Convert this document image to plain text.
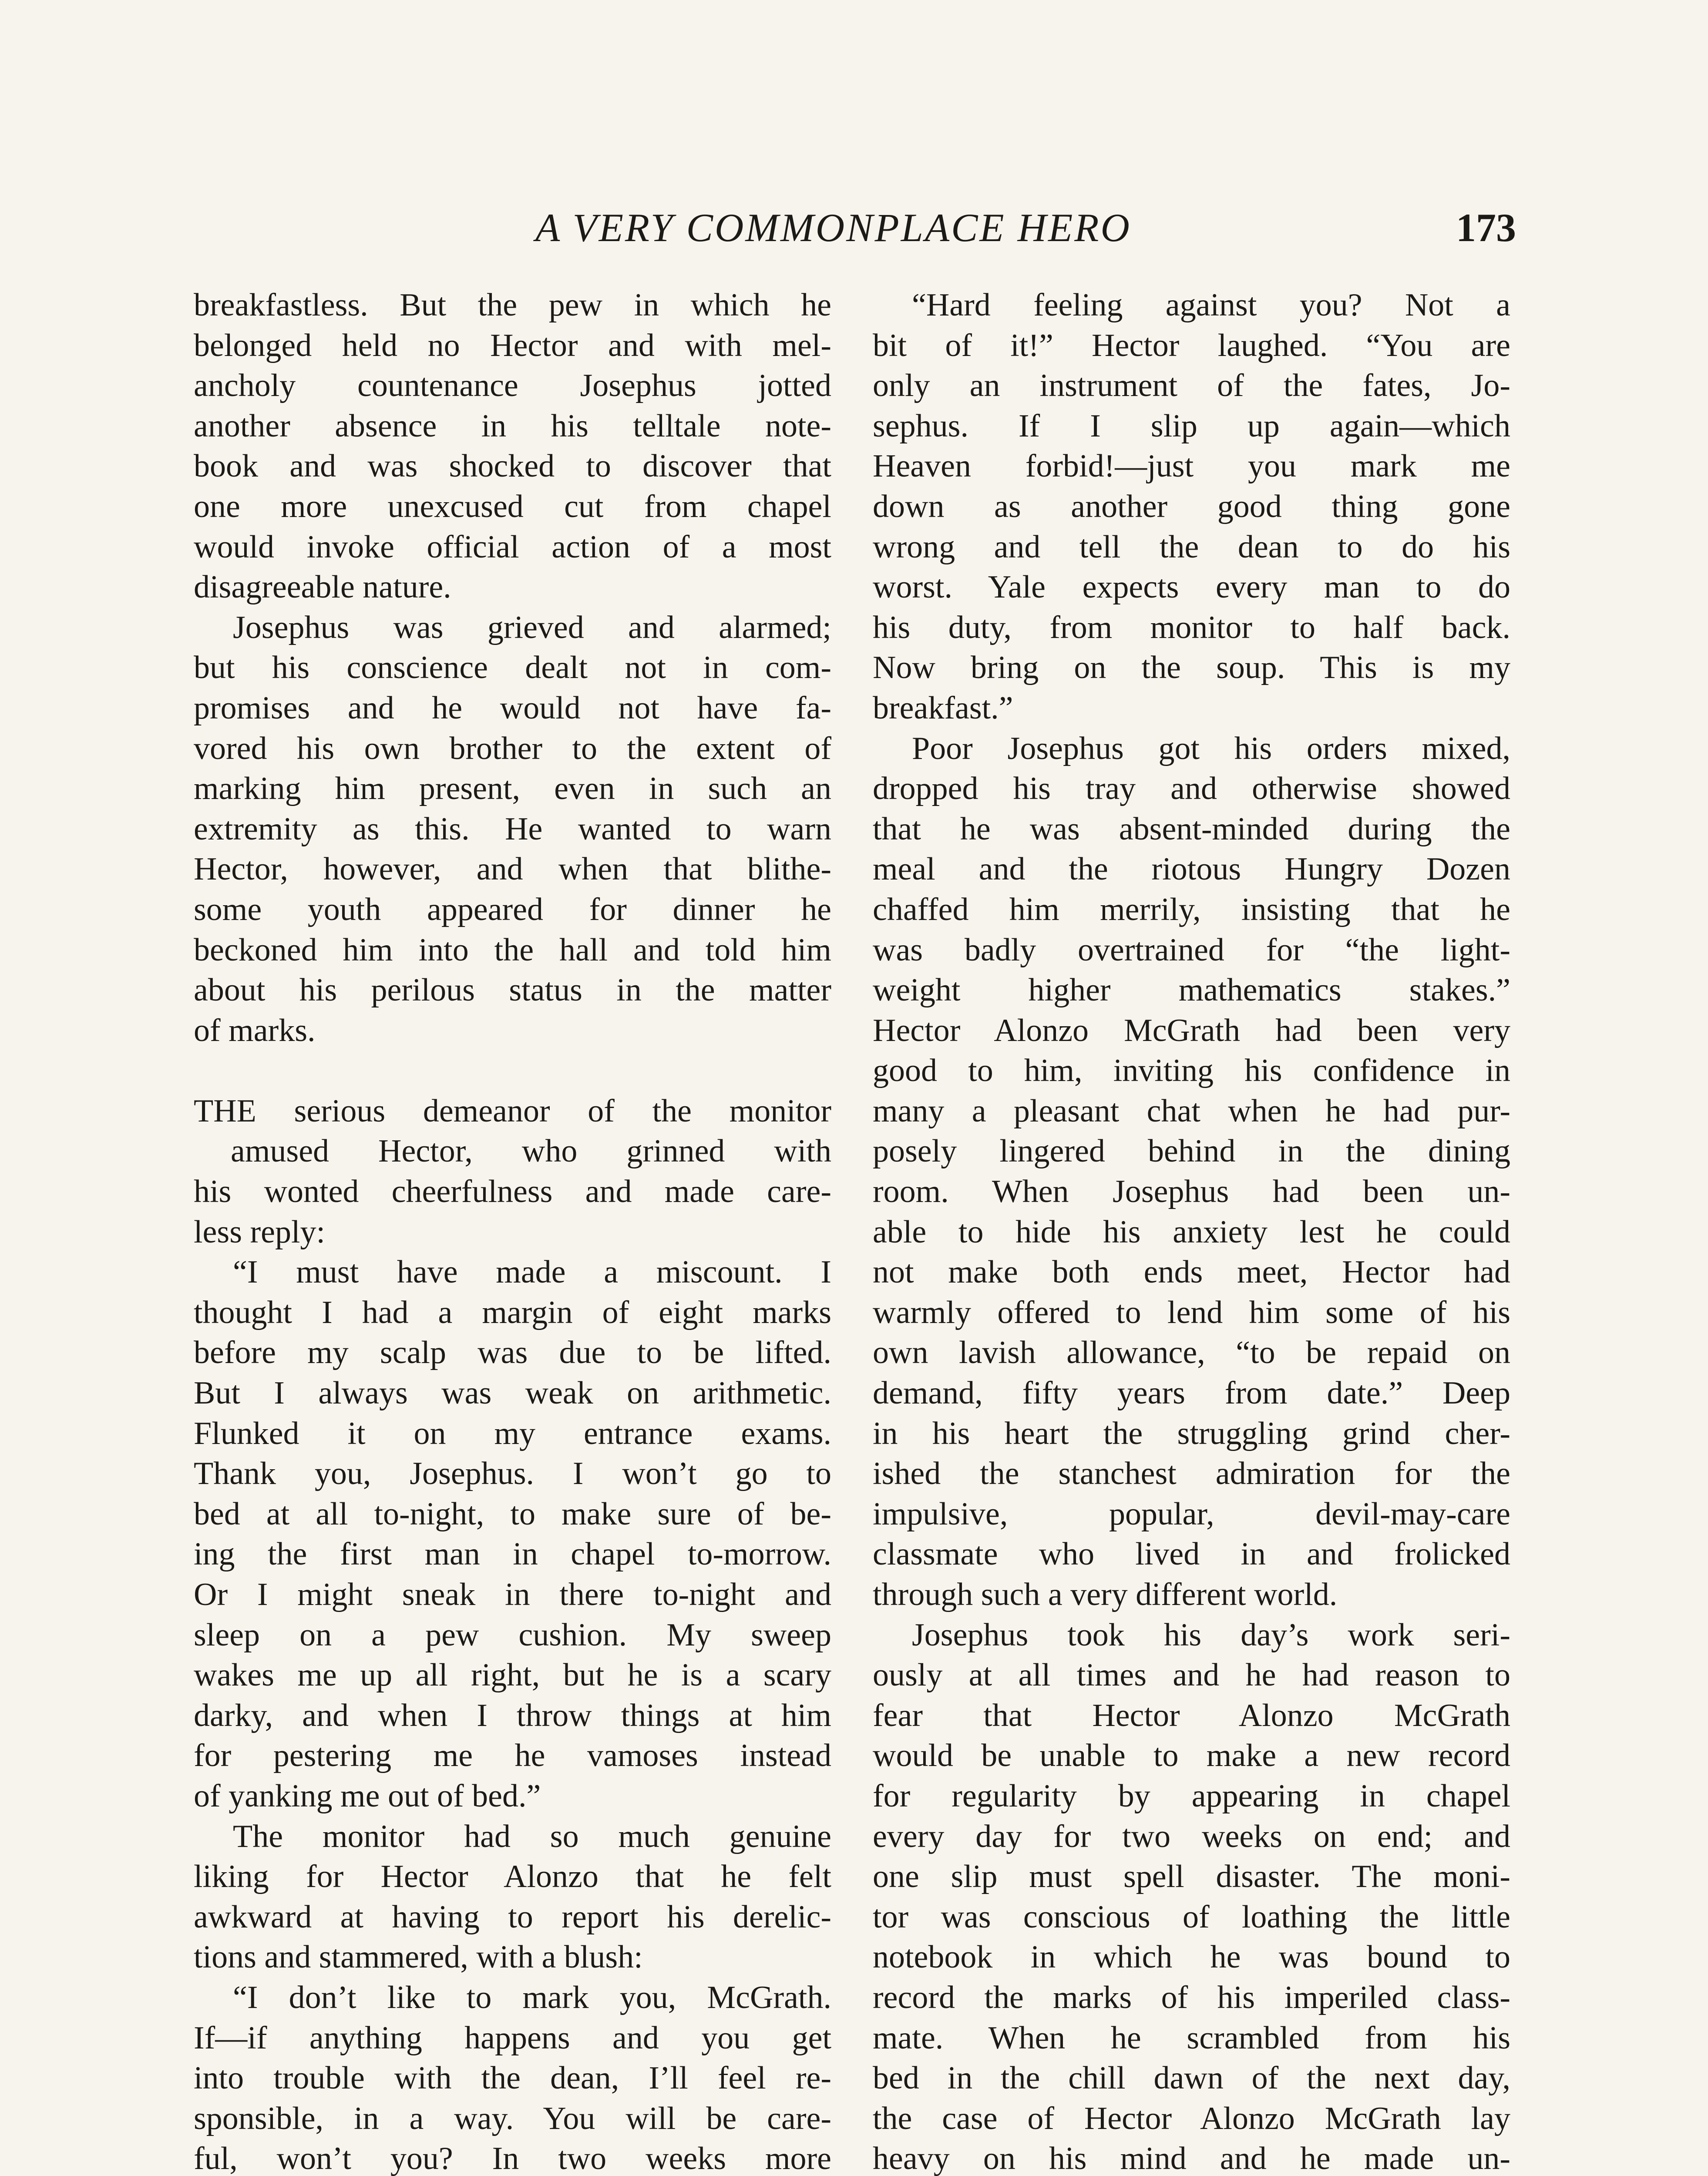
A VERY COMMONPLACE HERO	173
breakfastless. But the pew in which he
belonged held no Hector and with mel-
ancholy countenance Josephus jotted
another absence in his telltale note-
book and was shocked to discover that
one more unexcused cut from chapel
would invoke official action of a most
disagreeable nature.
Josephus was grieved and alarmed;
but his conscience dealt not in com-
promises and he would not have fa-
vored his own brother to the extent of
marking him present, even in such an
extremity as this. He wanted to warn
Hector, however, and when that blithe-
some youth appeared for dinner he
beckoned him into the hall and told him
about his perilous status in the matter
of marks.
THE serious demeanor of the monitor
amused Hector, who grinned with
his wonted cheerfulness and made care-
less reply:
“I must have made a miscount. I
thought I had a margin of eight marks
before my scalp was due to be lifted.
But I always was weak on arithmetic.
Flunked it on my entrance exams.
Thank you, Josephus. I won’t go to
bed at all to-night, to make sure of be-
ing the first man in chapel to-morrow.
Or I might sneak in there to-night and
sleep on a pew cushion. My sweep
wakes me up all right, but he is a scary
darky, and when I throw things at him
for pestering me he vamoses instead
of yanking me out of bed.”
The monitor had so much genuine
liking for Hector Alonzo that he felt
awkward at having to report his derelic-
tions and stammered, with a blush:
“I don’t like to mark you, McGrath.
If—if anything happens and you get
into trouble with the dean, I’ll feel re-
sponsible, in a way. You will be care-
ful, won’t you? In two weeks more
“Hard feeling against you? Not a
bit of it!” Hector laughed. “You are
only an instrument of the fates, Jo-
sephus. If I slip up again—which
Heaven forbid!—just you mark me
down as another good thing gone
wrong and tell the dean to do his
worst. Yale expects every man to do
his duty, from monitor to half back.
Now bring on the soup. This is my
breakfast.”
Poor Josephus got his orders mixed,
dropped his tray and otherwise showed
that he was absent-minded during the
meal and the riotous Hungry Dozen
chaffed him merrily, insisting that he
was badly overtrained for “the light-
weight higher mathematics stakes.”
Hector Alonzo McGrath had been very
good to him, inviting his confidence in
many a pleasant chat when he had pur-
posely lingered behind in the dining
room. When Josephus had been un-
able to hide his anxiety lest he could
not make both ends meet, Hector had
warmly offered to lend him some of his
own lavish allowance, “to be repaid on
demand, fifty years from date.” Deep
in his heart the struggling grind cher-
ished the stanchest admiration for the
impulsive, popular, devil-may-care
classmate who lived in and frolicked
through such a very different world.
Josephus took his day’s work seri-
ously at all times and he had reason to
fear that Hector Alonzo McGrath
would be unable to make a new record
for regularity by appearing in chapel
every day for two weeks on end; and
one slip must spell disaster. The moni-
tor was conscious of loathing the little
notebook in which he was bound to
record the marks of his imperiled class-
mate. When he scrambled from his
bed in the chill dawn of the next day,
the case of Hector Alonzo McGrath lay
heavy on his mind and he made un-
